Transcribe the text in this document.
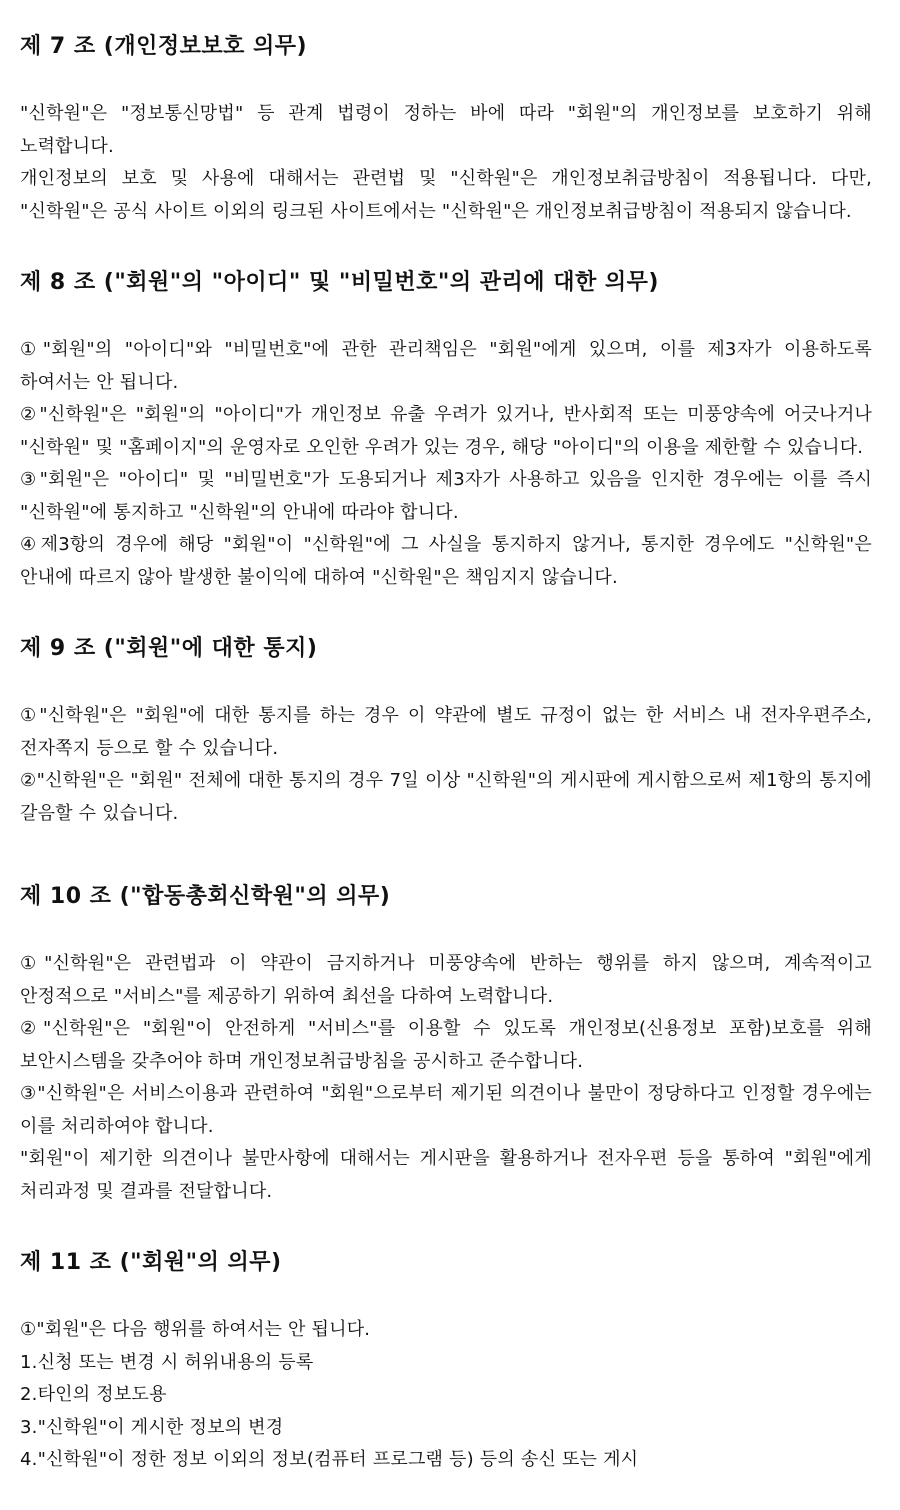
제 7 조 (개인정보보호 의무)

"신학원"은 "정보통신망법" 등 관계 법령이 정하는 바에 따라 "회원"의 개인정보를 보호하기 위해 노력합니다.

개인정보의 보호 및 사용에 대해서는 관련법 및 "신학원"은 개인정보취급방침이 적용됩니다. 다만, "신학원"은 공식 사이트 이외의 링크된 사이트에서는 "신학원"은 개인정보취급방침이 적용되지 않습니다.

제 8 조 ("회원"의 "아이디" 및 "비밀번호"의 관리에 대한 의무)

①"회원"의 "아이디"와 "비밀번호"에 관한 관리책임은 "회원"에게 있으며, 이를 제3자가 이용하도록 하여서는 안 됩니다.

②"신학원"은 "회원"의 "아이디"가 개인정보 유출 우려가 있거나, 반사회적 또는 미풍양속에 어긋나거나 "신학원" 및 "홈페이지"의 운영자로 오인한 우려가 있는 경우, 해당 "아이디"의 이용을 제한할 수 있습니다.

③"회원"은 "아이디" 및 "비밀번호"가 도용되거나 제3자가 사용하고 있음을 인지한 경우에는 이를 즉시 "신학원"에 통지하고 "신학원"의 안내에 따라야 합니다.

④제3항의 경우에 해당 "회원"이 "신학원"에 그 사실을 통지하지 않거나, 통지한 경우에도 "신학원"은 안내에 따르지 않아 발생한 불이익에 대하여 "신학원"은 책임지지 않습니다.

제 9 조 ("회원"에 대한 통지)

①"신학원"은 "회원"에 대한 통지를 하는 경우 이 약관에 별도 규정이 없는 한 서비스 내 전자우편주소, 전자쪽지 등으로 할 수 있습니다.

②"신학원"은 "회원" 전체에 대한 통지의 경우 7일 이상 "신학원"의 게시판에 게시함으로써 제1항의 통지에 갈음할 수 있습니다.

제 10 조 ("합동총회신학원"의 의무)

①"신학원"은 관련법과 이 약관이 금지하거나 미풍양속에 반하는 행위를 하지 않으며, 계속적이고 안정적으로 "서비스"를 제공하기 위하여 최선을 다하여 노력합니다.

②"신학원"은 "회원"이 안전하게 "서비스"를 이용할 수 있도록 개인정보(신용정보 포함)보호를 위해 보안시스템을 갖추어야 하며 개인정보취급방침을 공시하고 준수합니다.

③"신학원"은 서비스이용과 관련하여 "회원"으로부터 제기된 의견이나 불만이 정당하다고 인정할 경우에는 이를 처리하여야 합니다.

"회원"이 제기한 의견이나 불만사항에 대해서는 게시판을 활용하거나 전자우편 등을 통하여 "회원"에게 처리과정 및 결과를 전달합니다.

제 11 조 ("회원"의 의무)

①"회원"은 다음 행위를 하여서는 안 됩니다.

1.신청 또는 변경 시 허위내용의 등록

2.타인의 정보도용

3."신학원"이 게시한 정보의 변경

4."신학원"이 정한 정보 이외의 정보(컴퓨터 프로그램 등) 등의 송신 또는 게시
